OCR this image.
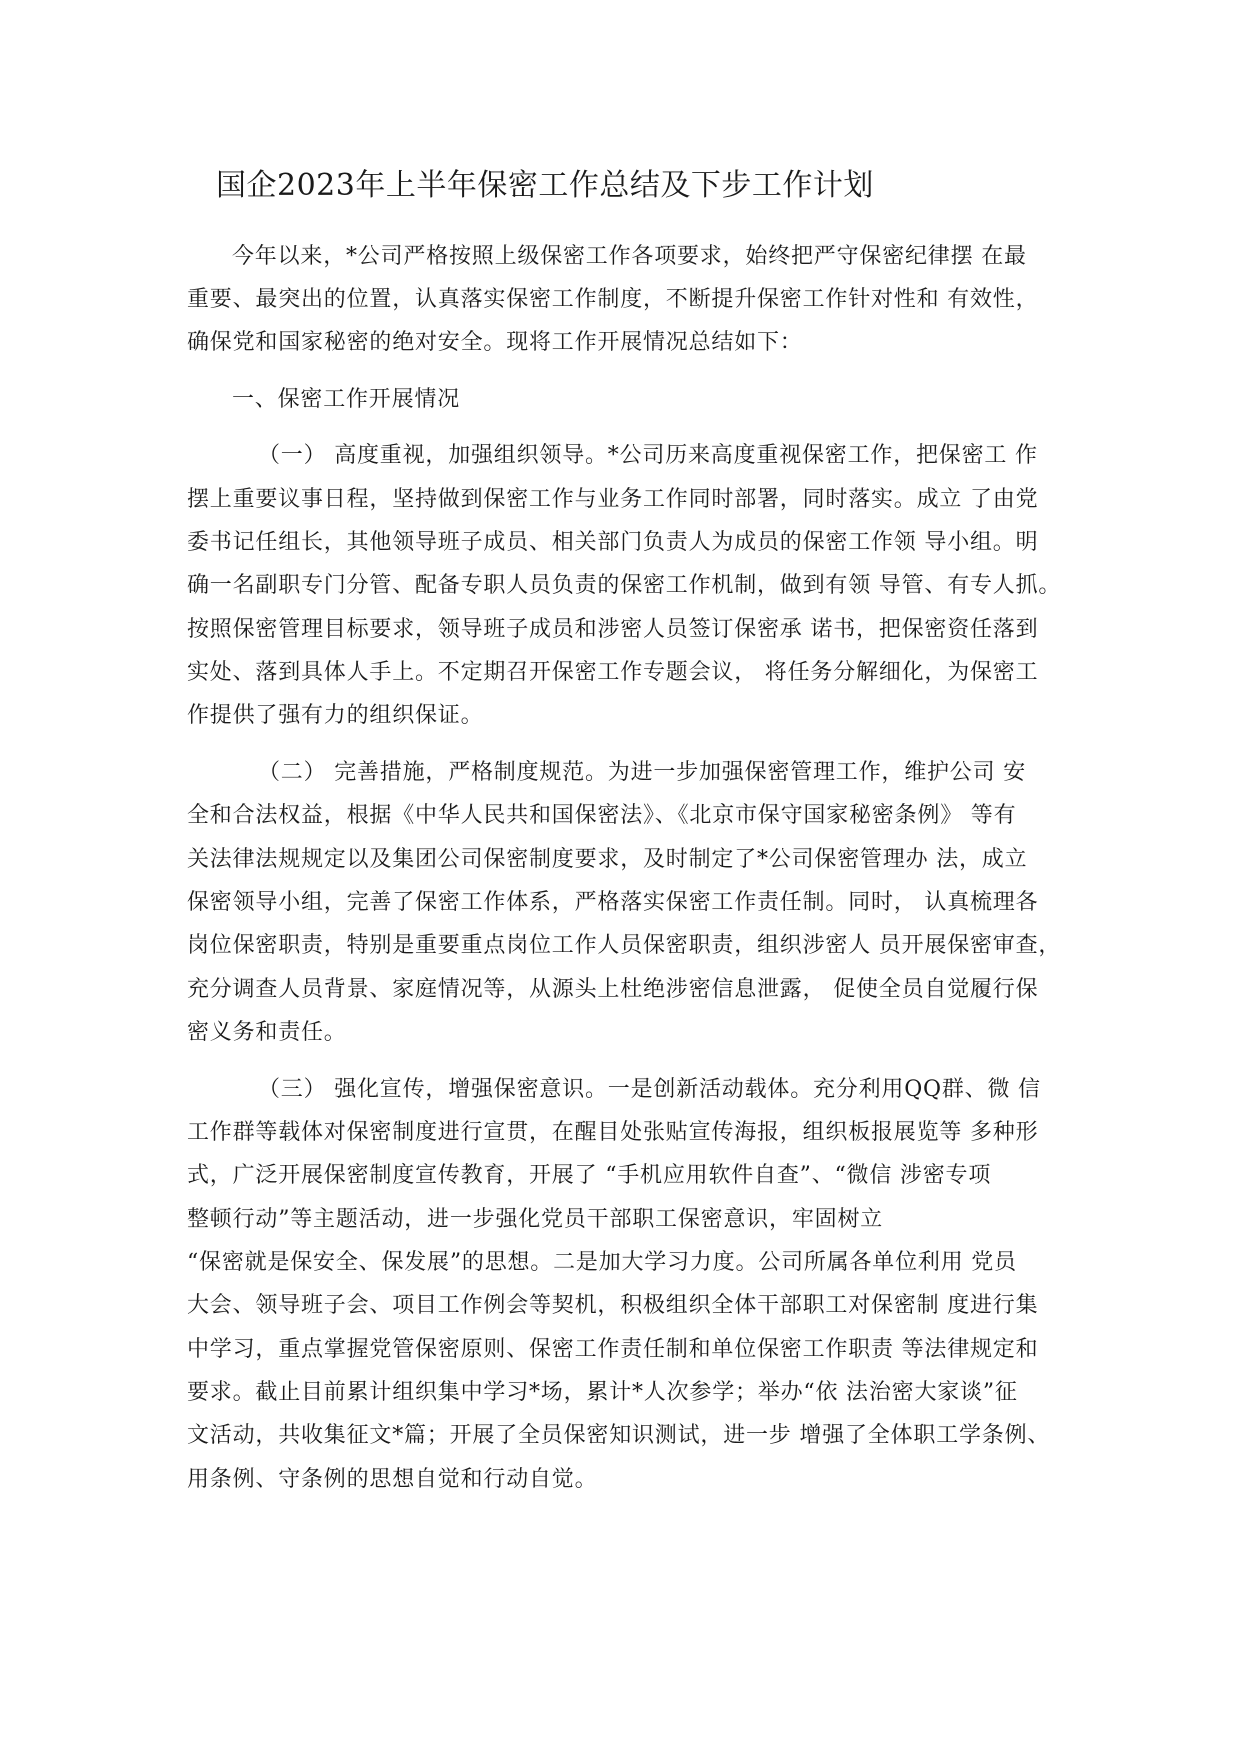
国企2023年上半年保密工作总结及下步工作计划
今年以来，*公司严格按照上级保密工作各项要求，始终把严守保密纪律摆 在最
重要、最突出的位置，认真落实保密工作制度，不断提升保密工作针对性和 有效性，
确保党和国家秘密的绝对安全。现将工作开展情况总结如下：
一、保密工作开展情况
（一） 高度重视，加强组织领导。*公司历来高度重视保密工作，把保密工 作
摆上重要议事日程，坚持做到保密工作与业务工作同时部署，同时落实。成立 了由党
委书记任组长，其他领导班子成员、相关部门负责人为成员的保密工作领 导小组。明
确一名副职专门分管、配备专职人员负责的保密工作机制，做到有领 导管、有专人抓。
按照保密管理目标要求，领导班子成员和涉密人员签订保密承 诺书，把保密资任落到
实处、落到具体人手上。不定期召开保密工作专题会议， 将任务分解细化，为保密工
作提供了强有力的组织保证。
（二） 完善措施，严格制度规范。为进一步加强保密管理工作，维护公司 安
全和合法权益，根据《中华人民共和国保密法》、《北京市保守国家秘密条例》 等有
关法律法规规定以及集团公司保密制度要求，及时制定了*公司保密管理办 法，成立
保密领导小组，完善了保密工作体系，严格落实保密工作责任制。同时， 认真梳理各
岗位保密职责，特别是重要重点岗位工作人员保密职责，组织涉密人 员开展保密审查，
充分调查人员背景、家庭情况等，从源头上杜绝涉密信息泄露， 促使全员自觉履行保
密义务和责任。
（三） 强化宣传，增强保密意识。一是创新活动载体。充分利用QQ群、微 信
工作群等载体对保密制度进行宣贯，在醒目处张贴宣传海报，组织板报展览等 多种形
式，广泛开展保密制度宣传教育，开展了 “手机应用软件自查”、“微信 涉密专项
整顿行动”等主题活动，进一步强化党员干部职工保密意识，牢固树立
“保密就是保安全、保发展”的思想。二是加大学习力度。公司所属各单位利用 党员
大会、领导班子会、项目工作例会等契机，积极组织全体干部职工对保密制 度进行集
中学习，重点掌握党管保密原则、保密工作责任制和单位保密工作职责 等法律规定和
要求。截止目前累计组织集中学习*场，累计*人次参学；举办“依 法治密大家谈”征
文活动，共收集征文*篇；开展了全员保密知识测试，进一步 增强了全体职工学条例、
用条例、守条例的思想自觉和行动自觉。
